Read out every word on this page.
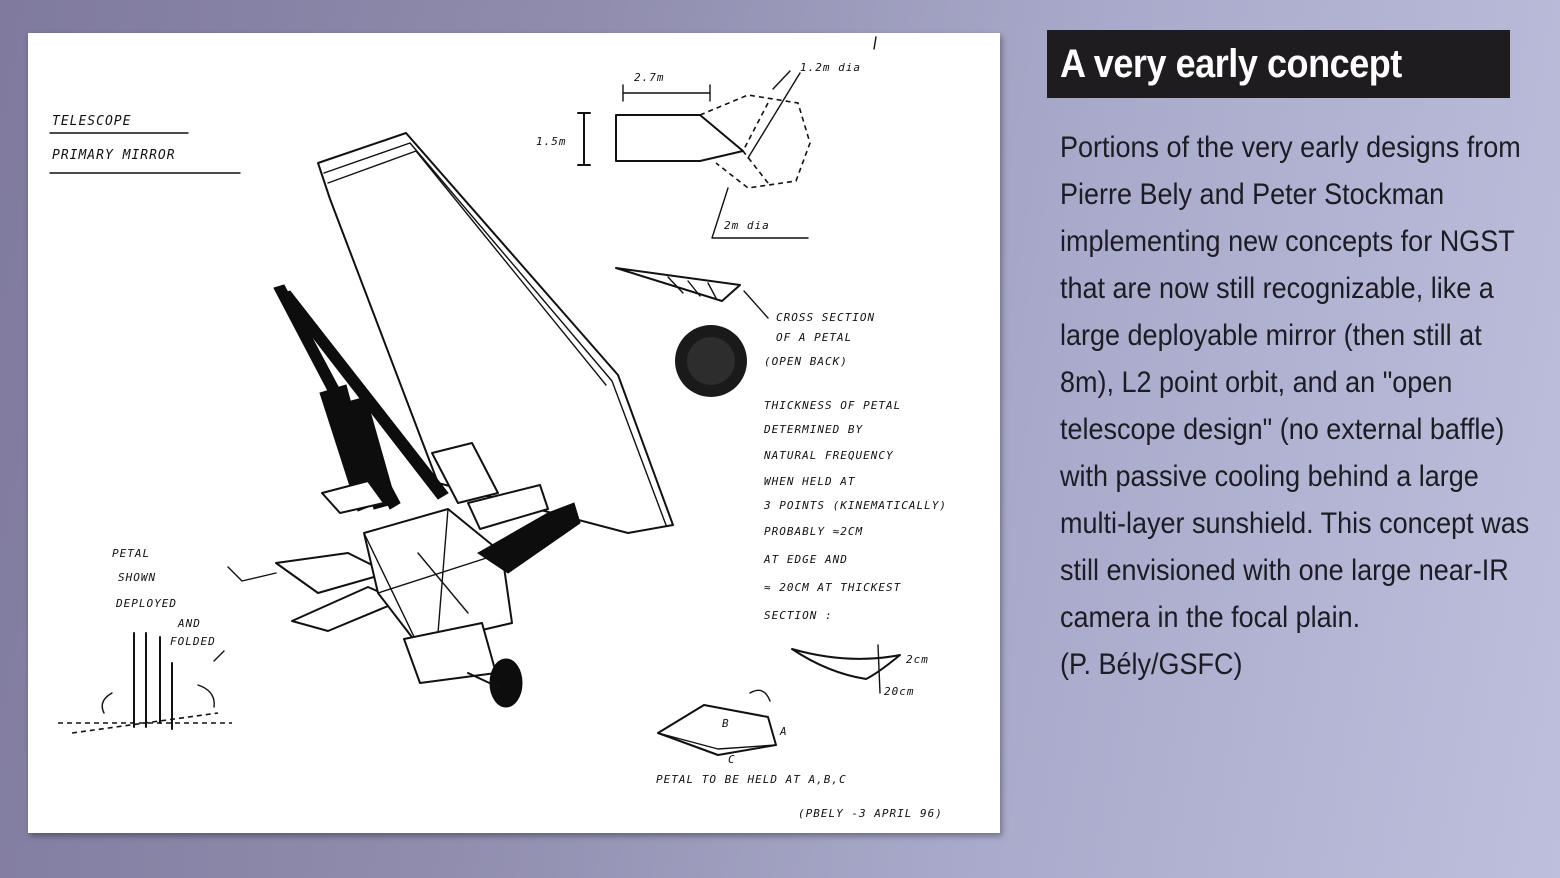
TELESCOPE
PRIMARY MIRROR
2.7m
1.2m dia
1.5m
2m dia
CROSS SECTION
OF A PETAL
(OPEN BACK)
THICKNESS OF PETAL
DETERMINED BY
NATURAL FREQUENCY
WHEN HELD AT
3 POINTS (KINEMATICALLY)
PROBABLY ≈2CM
AT EDGE AND
≈ 20CM AT THICKEST
SECTION :
2cm
20cm
B
A
C
PETAL TO BE HELD AT A,B,C
(PBELY -3 APRIL 96)
PETAL
SHOWN
DEPLOYED
AND
FOLDED
A very early concept

Portions of the very early designs from Pierre Bely and Peter Stockman implementing new concepts for NGST that are now still recognizable, like a large deployable mirror (then still at 8m), L2 point orbit, and an "open telescope design" (no external baffle) with passive cooling behind a large multi-layer sunshield. This concept was still envisioned with one large near-IR camera in the focal plain.
(P. Bély/GSFC)
